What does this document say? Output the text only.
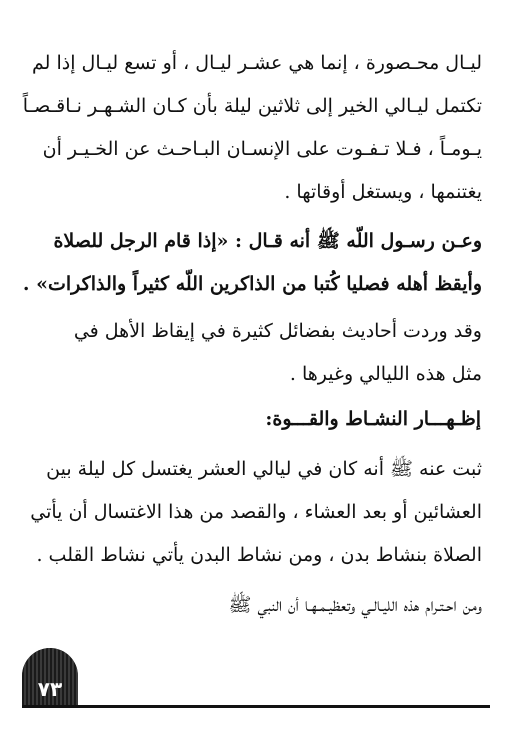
ليـال محـصورة ، إنما هي عشـر ليـال ، أو تسع ليـال إذا لم
تكتمل ليـالي الخير إلى ثلاثين ليلة بأن كـان الشـهـر نـاقـصـاً
يـومـاً ، فـلا تـفـوت على الإنسـان البـاحـث عن الخـيـر أن
يغتنمها ، ويستغل أوقاتها .
وعـن رسـول اللّه ﷺ أنه قـال : «إذا قام الرجل للصلاة
وأيقظ أهله فصليا كُتبا من الذاكرين اللّه كثيراً والذاكرات» .
وقد وردت أحاديث بفضائل كثيرة في إيقاظ الأهل في
مثل هذه الليالي وغيرها .
إظـهـــار النشـاط والقـــوة:
ثبت عنه ﷺ أنه كان في ليالي العشر يغتسل كل ليلة بين
العشائين أو بعد العشاء ، والقصد من هذا الاغتسال أن يأتي
الصلاة بنشاط بدن ، ومن نشاط البدن يأتي نشاط القلب .
ومن احـتـرام هذه الليـالـي وتعظيـمـهـا أن النبي ﷺ
٧٣
